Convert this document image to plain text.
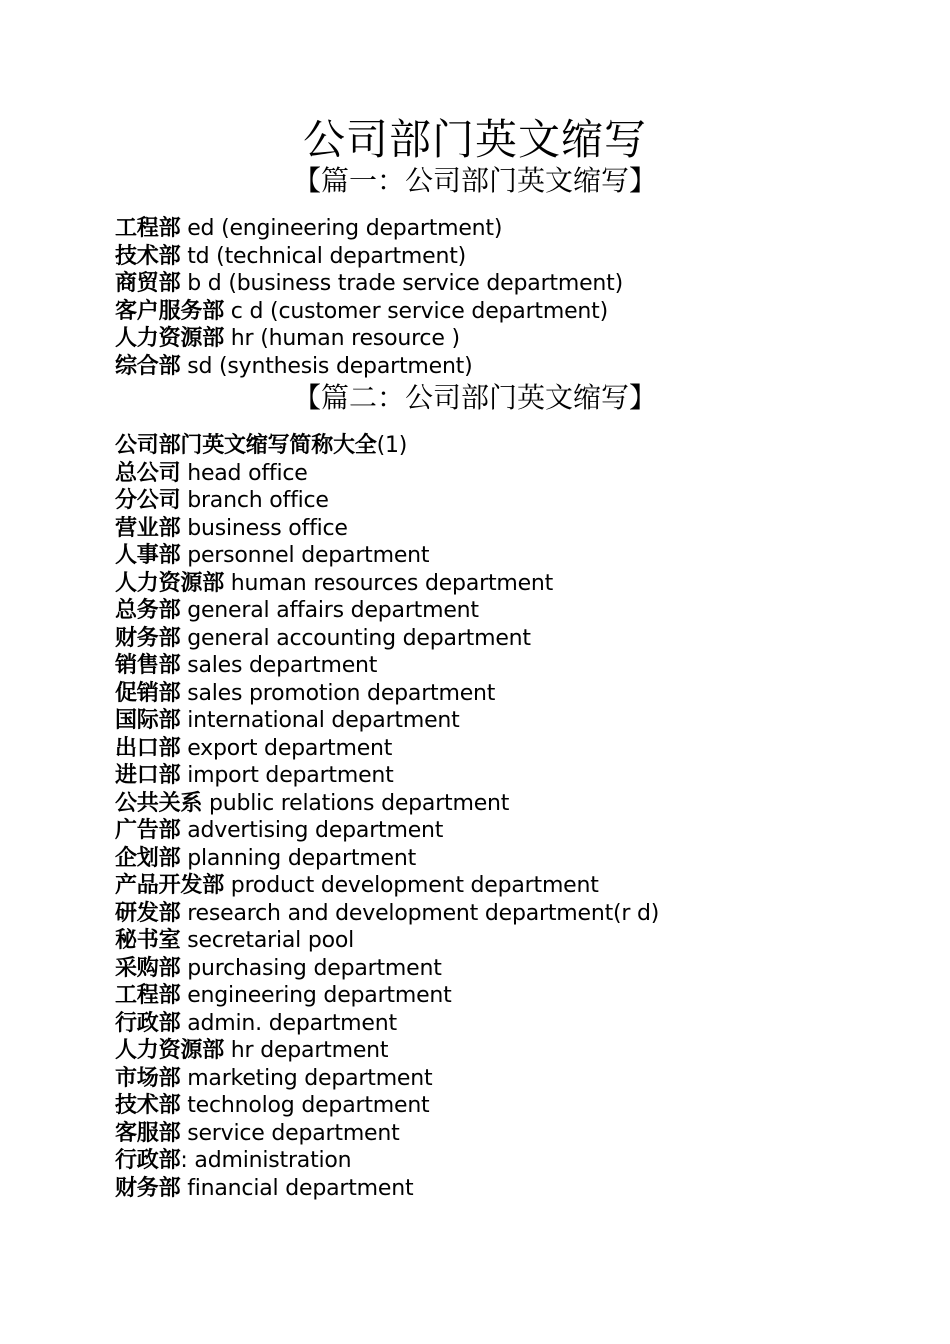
公司部门英文缩写
【篇一：公司部门英文缩写】
工程部 ed (engineering department)
技术部 td (technical department)
商贸部 b d (business trade service department)
客户服务部 c d (customer service department)
人力资源部 hr (human resource )
综合部 sd (synthesis department)
【篇二：公司部门英文缩写】
公司部门英文缩写简称大全(1)
总公司 head office
分公司 branch office
营业部 business office
人事部 personnel department
人力资源部 human resources department
总务部 general affairs department
财务部 general accounting department
销售部 sales department
促销部 sales promotion department
国际部 international department
出口部 export department
进口部 import department
公共关系 public relations department
广告部 advertising department
企划部 planning department
产品开发部 product development department
研发部 research and development department(r d)
秘书室 secretarial pool
采购部 purchasing department
工程部 engineering department
行政部 admin. department
人力资源部 hr department
市场部 marketing department
技术部 technolog department
客服部 service department
行政部: administration
财务部 financial department
